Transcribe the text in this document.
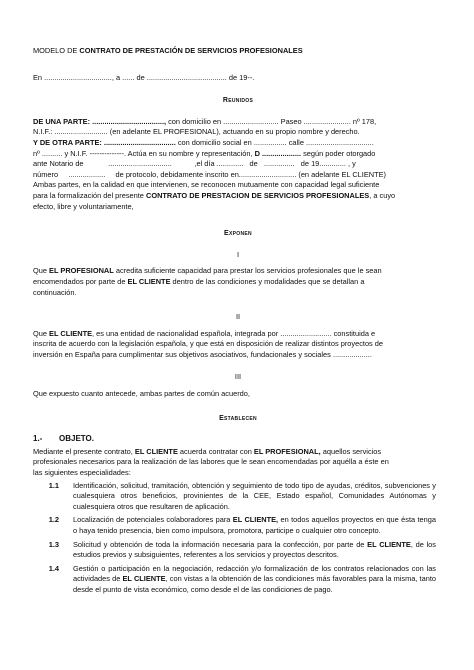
MODELO DE CONTRATO DE PRESTACIÓN DE SERVICIOS PROFESIONALES
En ................................., a ...... de ....................................... de 19--.
Reunidos
DE UNA PARTE: ..................................., con domicilio en ........................... Paseo ....................... nº 178,
N.I.F.: .......................... (en adelante EL PROFESIONAL), actuando en su propio nombre y derecho.
Y DE OTRA PARTE: ................................... con domicilio social en ................ calle .................................
nº .......... y N.I.F. --------------. Actúa en su nombre y representación, D ................... según poder otorgado
ante Notario de            ...............................           ,el día .............   de   ...............   de 19............. , y
número     ..................     de protocolo, debidamente inscrito en............................ (en adelante EL CLIENTE)
Ambas partes, en la calidad en que intervienen, se reconocen mutuamente con capacidad legal suficiente
para la formalización del presente CONTRATO DE PRESTACION DE SERVICIOS PROFESIONALES, a cuyo
efecto, libre y voluntariamente,
Exponen
I
Que EL PROFESIONAL acredita suficiente capacidad para prestar los servicios profesionales que le sean
encomendados por parte de EL CLIENTE dentro de las condiciones y modalidades que se detallan a
continuación.
II
Que EL CLIENTE, es una entidad de nacionalidad española, integrada por ......................... constituida e
inscrita de acuerdo con la legislación española, y que está en disposición de realizar distintos proyectos de
inversión en España para cumplimentar sus objetivos asociativos, fundacionales y sociales ...................
III
Que expuesto cuanto antecede, ambas partes de común acuerdo,
Establecen
1.-	OBJETO.
Mediante el presente contrato, EL CLIENTE acuerda contratar con EL PROFESIONAL, aquellos servicios
profesionales necesarios para la realización de las labores que le sean encomendadas por aquélla a éste en
las siguientes especialidades:
1.1	Identificación, solicitud, tramitación, obtención y seguimiento de todo tipo de ayudas, créditos, subvenciones y cualesquiera otros beneficios, provinientes de la CEE, Estado español, Comunidades Autónomas y cualesquiera otros que resultaren de aplicación.
1.2	Localización de potenciales colaboradores para EL CLIENTE, en todos aquellos proyectos en que ésta tenga o haya tenido presencia, bien como impulsora, promotora, participe o cualquier otro concepto.
1.3	Solicitud y obtención de toda la información necesaria para la confección, por parte de EL CLIENTE, de los estudios previos y subsiguientes, referentes a los servicios y proyectos descritos.
1.4	Gestión o participación en la negociación, redacción y/o formalización de los contratos relacionados con las actividades de EL CLIENTE, con vistas a la obtención de las condiciones más favorables para la misma, tanto desde el punto de vista económico, como desde el de las condiciones de pago.
